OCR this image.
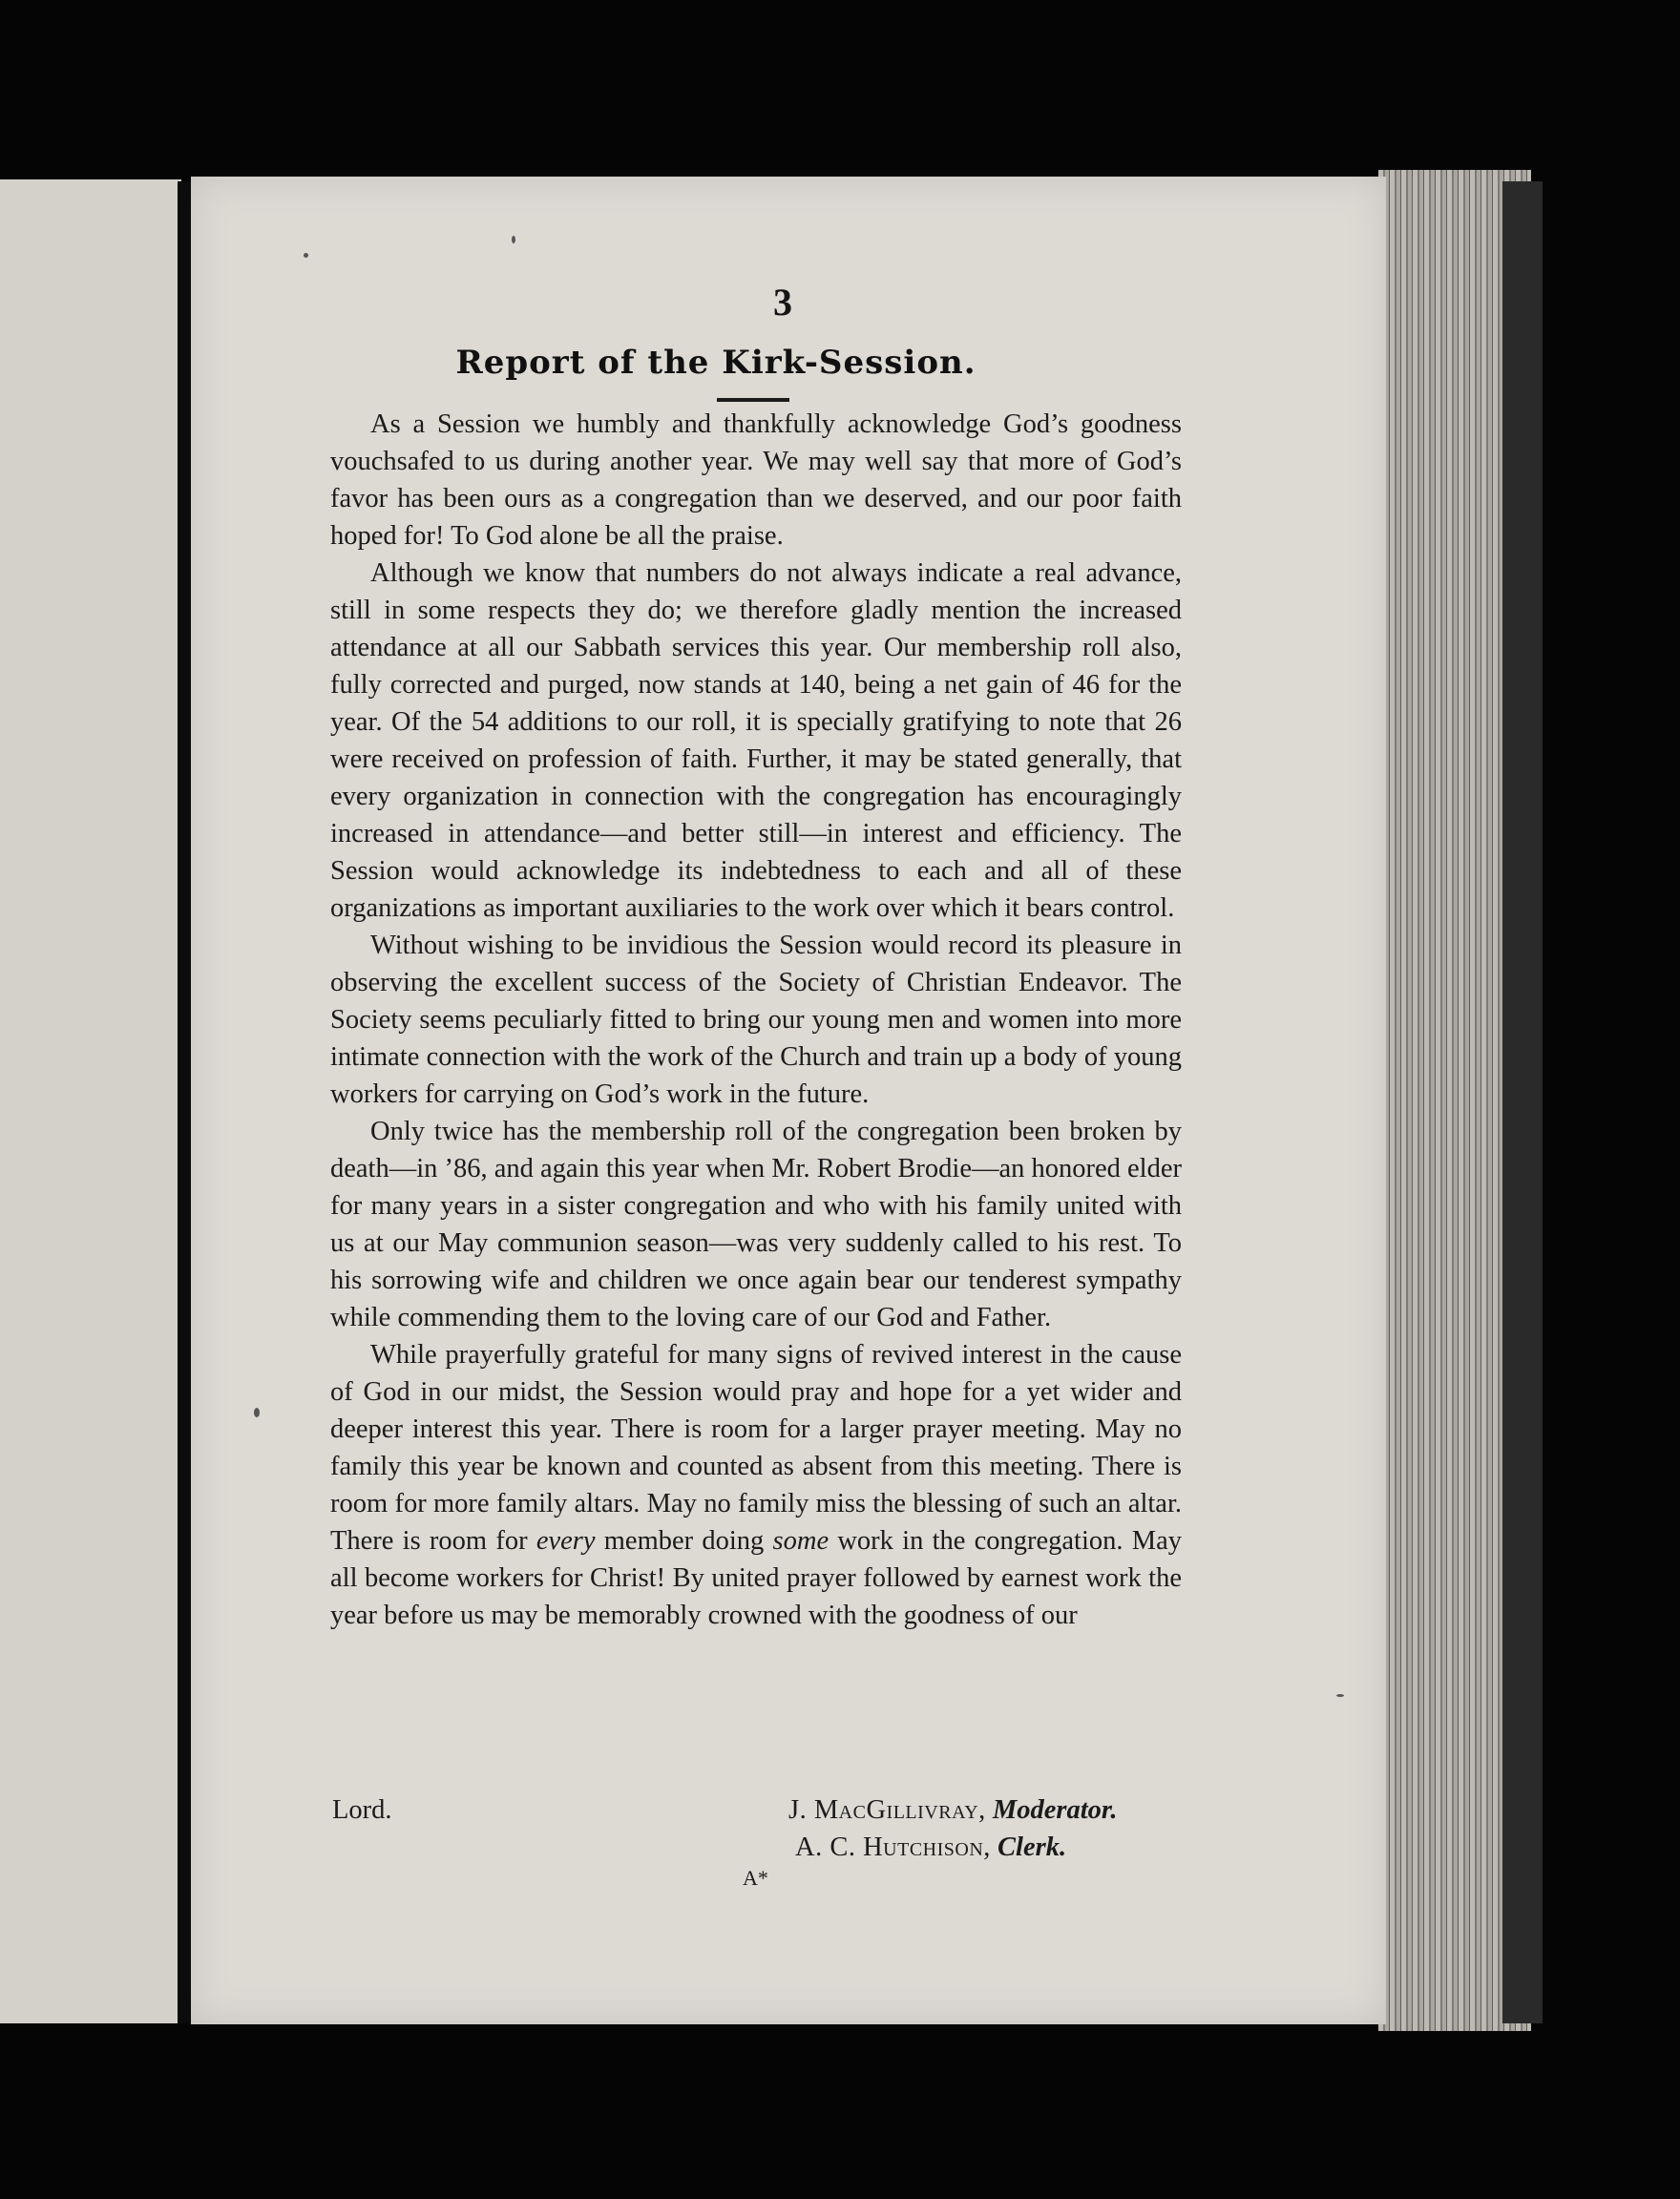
3
Report of the Kirk-Session.

As a Session we humbly and thankfully acknowledge God’s goodness vouchsafed to us during another year. We may well say that more of God’s favor has been ours as a congregation than we deserved, and our poor faith hoped for! To God alone be all the praise.

Although we know that numbers do not always indicate a real advance, still in some respects they do; we therefore gladly mention the increased attendance at all our Sabbath services this year. Our membership roll also, fully corrected and purged, now stands at 140, being a net gain of 46 for the year. Of the 54 additions to our roll, it is specially gratifying to note that 26 were received on profession of faith. Further, it may be stated generally, that every organization in connection with the congregation has encouragingly increased in attendance—and better still—in interest and efficiency. The Session would acknowledge its indebtedness to each and all of these organizations as important auxiliaries to the work over which it bears control.

Without wishing to be invidious the Session would record its pleasure in observing the excellent success of the Society of Christian Endeavor. The Society seems peculiarly fitted to bring our young men and women into more intimate connection with the work of the Church and train up a body of young workers for carrying on God’s work in the future.

Only twice has the membership roll of the congregation been broken by death—in ’86, and again this year when Mr. Robert Brodie—an honored elder for many years in a sister congregation and who with his family united with us at our May communion season—was very suddenly called to his rest. To his sorrowing wife and children we once again bear our tenderest sympathy while commending them to the loving care of our God and Father.

While prayerfully grateful for many signs of revived interest in the cause of God in our midst, the Session would pray and hope for a yet wider and deeper interest this year. There is room for a larger prayer meeting. May no family this year be known and counted as absent from this meeting. There is room for more family altars. May no family miss the blessing of such an altar. There is room for every member doing some work in the congregation. May all become workers for Christ! By united prayer followed by earnest work the year before us may be memorably crowned with the goodness of our

Lord.	J. MacGillivray, Moderator.
A. C. Hutchison, Clerk.
A*
